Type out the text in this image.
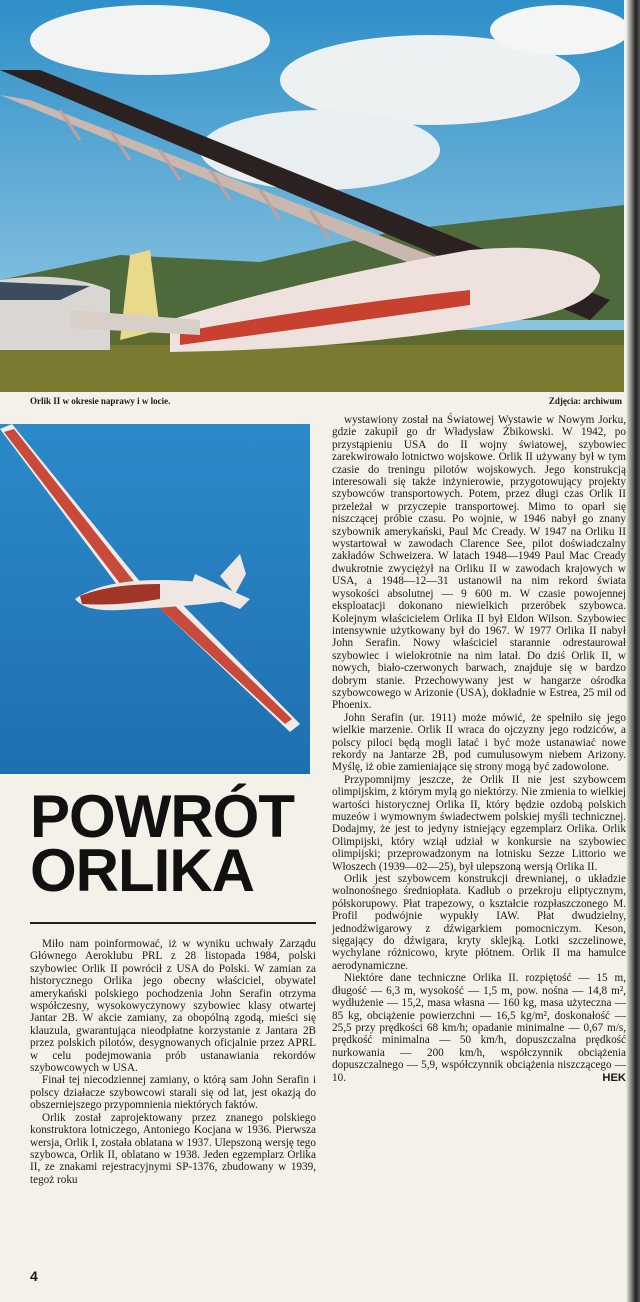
Orlik II w okresie naprawy i w locie.	Zdjęcia: archiwum
POWRÓT
ORLIKA

Miło nam poinformować, iż w wyniku uchwały Zarządu Głównego Aeroklubu PRL z 28 listopada 1984, polski szybowiec Orlik II powrócił z USA do Polski. W zamian za historycznego Orlika jego obecny właściciel, obywatel amerykański polskiego pochodzenia John Serafin otrzyma współczesny, wysokowyczynowy szybowiec klasy otwartej Jantar 2B. W akcie zamiany, za obopólną zgodą, mieści się klauzula, gwarantująca nieodpłatne korzystanie z Jantara 2B przez polskich pilotów, desygnowanych oficjalnie przez APRL w celu podejmowania prób ustanawiania rekordów szybowcowych w USA.

Finał tej niecodziennej zamiany, o którą sam John Serafin i polscy działacze szybowcowi starali się od lat, jest okazją do obszerniejszego przypomnienia niektórych faktów.

Orlik został zaprojektowany przez znanego polskiego konstruktora lotniczego, Antoniego Kocjana w 1936. Pierwsza wersja, Orlik I, została oblatana w 1937. Ulepszoną wersję tego szybowca, Orlik II, oblatano w 1938. Jeden egzemplarz Orlika II, ze znakami rejestracyjnymi SP-1376, zbudowany w 1939, tegoż roku

wystawiony został na Światowej Wystawie w Nowym Jorku, gdzie zakupił go dr Władysław Żbikowski. W 1942, po przystąpieniu USA do II wojny światowej, szybowiec zarekwirowało lotnictwo wojskowe. Orlik II używany był w tym czasie do treningu pilotów wojskowych. Jego konstrukcją interesowali się także inżynierowie, przygotowujący projekty szybowców transportowych. Potem, przez długi czas Orlik II przeleżał w przyczepie transportowej. Mimo to oparł się niszczącej próbie czasu. Po wojnie, w 1946 nabył go znany szybownik amerykański, Paul Mc Cready. W 1947 na Orliku II wystartował w zawodach Clarence See, pilot doświadczalny zakładów Schweizera. W latach 1948—1949 Paul Mac Cready dwukrotnie zwyciężył na Orliku II w zawodach krajowych w USA, a 1948—12—31 ustanowił na nim rekord świata wysokości absolutnej — 9 600 m. W czasie powojennej eksploatacji dokonano niewielkich przeróbek szybowca. Kolejnym właścicielem Orlika II był Eldon Wilson. Szybowiec intensywnie użytkowany był do 1967. W 1977 Orlika II nabył John Serafin. Nowy właściciel starannie odrestaurował szybowiec i wielokrotnie na nim latał. Do dziś Orlik II, w nowych, biało-czerwonych barwach, znajduje się w bardzo dobrym stanie. Przechowywany jest w hangarze ośrodka szybowcowego w Arizonie (USA), dokładnie w Estrea, 25 mil od Phoenix.

John Serafin (ur. 1911) może mówić, że spełniło się jego wielkie marzenie. Orlik II wraca do ojczyzny jego rodziców, a polscy piloci będą mogli latać i być może ustanawiać nowe rekordy na Jantarze 2B, pod cumulusowym niebem Arizony. Myślę, iż obie zamieniające się strony mogą być zadowolone.

Przypomnijmy jeszcze, że Orlik II nie jest szybowcem olimpijskim, z którym mylą go niektórzy. Nie zmienia to wielkiej wartości historycznej Orlika II, który będzie ozdobą polskich muzeów i wymownym świadectwem polskiej myśli technicznej. Dodajmy, że jest to jedyny istniejący egzemplarz Orlika. Orlik Olimpijski, który wziął udział w konkursie na szybowiec olimpijski; przeprowadzonym na lotnisku Sezze Littorio we Włoszech (1939—02—25), był ulepszoną wersją Orlika II.

Orlik jest szybowcem konstrukcji drewnianej, o układzie wolnonośnego średniopłata. Kadłub o przekroju eliptycznym, półskorupowy. Płat trapezowy, o kształcie rozpłaszczonego M. Profil podwójnie wypukły IAW. Płat dwudzielny, jednodźwigarowy z dźwigarkiem pomocniczym. Keson, sięgający do dźwigara, kryty sklejką. Lotki szczelinowe, wychylane różnicowo, kryte płótnem. Orlik II ma hamulce aerodynamiczne.

Niektóre dane techniczne Orlika II. rozpiętość — 15 m, długość — 6,3 m, wysokość — 1,5 m, pow. nośna — 14,8 m², wydłużenie — 15,2, masa własna — 160 kg, masa użyteczna — 85 kg, obciążenie powierzchni — 16,5 kg/m², doskonałość — 25,5 przy prędkości 68 km/h; opadanie minimalne — 0,67 m/s, prędkość minimalna — 50 km/h, dopuszczalna prędkość nurkowania — 200 km/h, współczynnik obciążenia dopuszczalnego — 5,9, współczynnik obciążenia niszczącego — 10.	HEK
4
